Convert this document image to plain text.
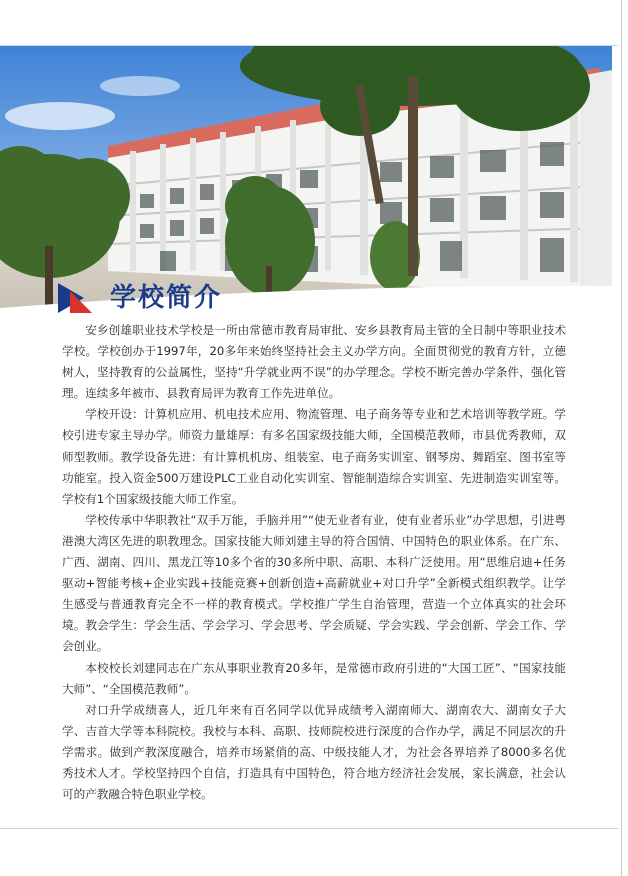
学校简介

安乡创雄职业技术学校是一所由常德市教育局审批、安乡县教育局主管的全日制中等职业技术学校。学校创办于1997年，20多年来始终坚持社会主义办学方向。全面贯彻党的教育方针，立德树人，坚持教育的公益属性，坚持“升学就业两不误”的办学理念。学校不断完善办学条件，强化管理。连续多年被市、县教育局评为教育工作先进单位。

学校开设：计算机应用、机电技术应用、物流管理、电子商务等专业和艺术培训等教学班。学校引进专家主导办学。师资力量雄厚：有多名国家级技能大师，全国模范教师，市县优秀教师，双师型教师。教学设备先进：有计算机机房、组装室、电子商务实训室、钢琴房、舞蹈室、图书室等功能室。投入资金500万建设PLC工业自动化实训室、智能制造综合实训室、先进制造实训室等。学校有1个国家级技能大师工作室。

学校传承中华职教社“双手万能，手脑并用”“使无业者有业，使有业者乐业”办学思想，引进粤港澳大湾区先进的职教理念。国家技能大师刘建主导的符合国情、中国特色的职业体系。在广东、广西、湖南、四川、黑龙江等10多个省的30多所中职、高职、本科广泛使用。用“思维启迪+任务驱动+智能考核+企业实践+技能竞赛+创新创造+高薪就业+对口升学”全新模式组织教学。让学生感受与普通教育完全不一样的教育模式。学校推广学生自治管理，营造一个立体真实的社会环境。教会学生：学会生活、学会学习、学会思考、学会质疑、学会实践、学会创新、学会工作、学会创业。

本校校长刘建同志在广东从事职业教育20多年，是常德市政府引进的“大国工匠”、“国家技能大师”、“全国模范教师”。

对口升学成绩喜人，近几年来有百名同学以优异成绩考入湖南师大、湖南农大、湖南女子大学、吉首大学等本科院校。我校与本科、高职、技师院校进行深度的合作办学，满足不同层次的升学需求。做到产教深度融合，培养市场紧俏的高、中级技能人才，为社会各界培养了8000多名优秀技术人才。学校坚持四个自信，打造具有中国特色，符合地方经济社会发展，家长满意，社会认可的产教融合特色职业学校。
